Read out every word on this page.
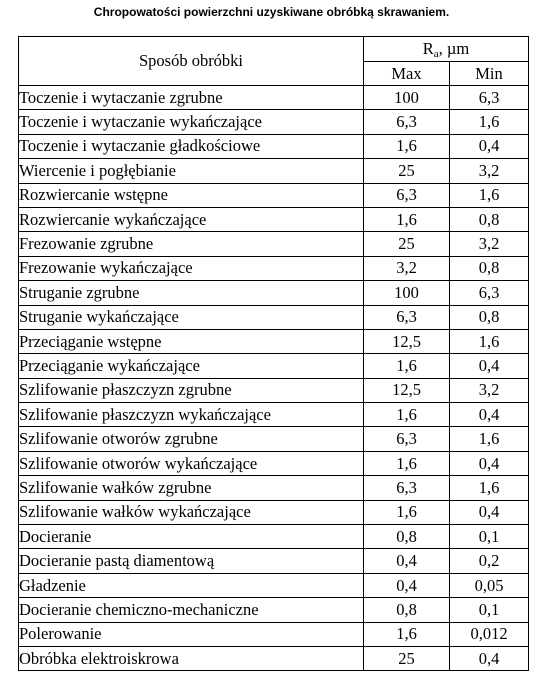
Chropowatości powierzchni uzyskiwane obróbką skrawaniem.
Sposób obróbki	$R_a$, µm	
	Max	Min
Toczenie i wytaczanie zgrubne	100	6,3
Toczenie i wytaczanie wykańczające	6,3	1,6
Toczenie i wytaczanie gładkościowe	1,6	0,4
Wiercenie i pogłębianie	25	3,2
Rozwiercanie wstępne	6,3	1,6
Rozwiercanie wykańczające	1,6	0,8
Frezowanie zgrubne	25	3,2
Frezowanie wykańczające	3,2	0,8
Struganie zgrubne	100	6,3
Struganie wykańczające	6,3	0,8
Przeciąganie wstępne	12,5	1,6
Przeciąganie wykańczające	1,6	0,4
Szlifowanie płaszczyzn zgrubne	12,5	3,2
Szlifowanie płaszczyzn wykańczające	1,6	0,4
Szlifowanie otworów zgrubne	6,3	1,6
Szlifowanie otworów wykańczające	1,6	0,4
Szlifowanie wałków zgrubne	6,3	1,6
Szlifowanie wałków wykańczające	1,6	0,4
Docieranie	0,8	0,1
Docieranie pastą diamentową	0,4	0,2
Gładzenie	0,4	0,05
Docieranie chemiczno-mechaniczne	0,8	0,1
Polerowanie	1,6	0,012
Obróbka elektroiskrowa	25	0,4
